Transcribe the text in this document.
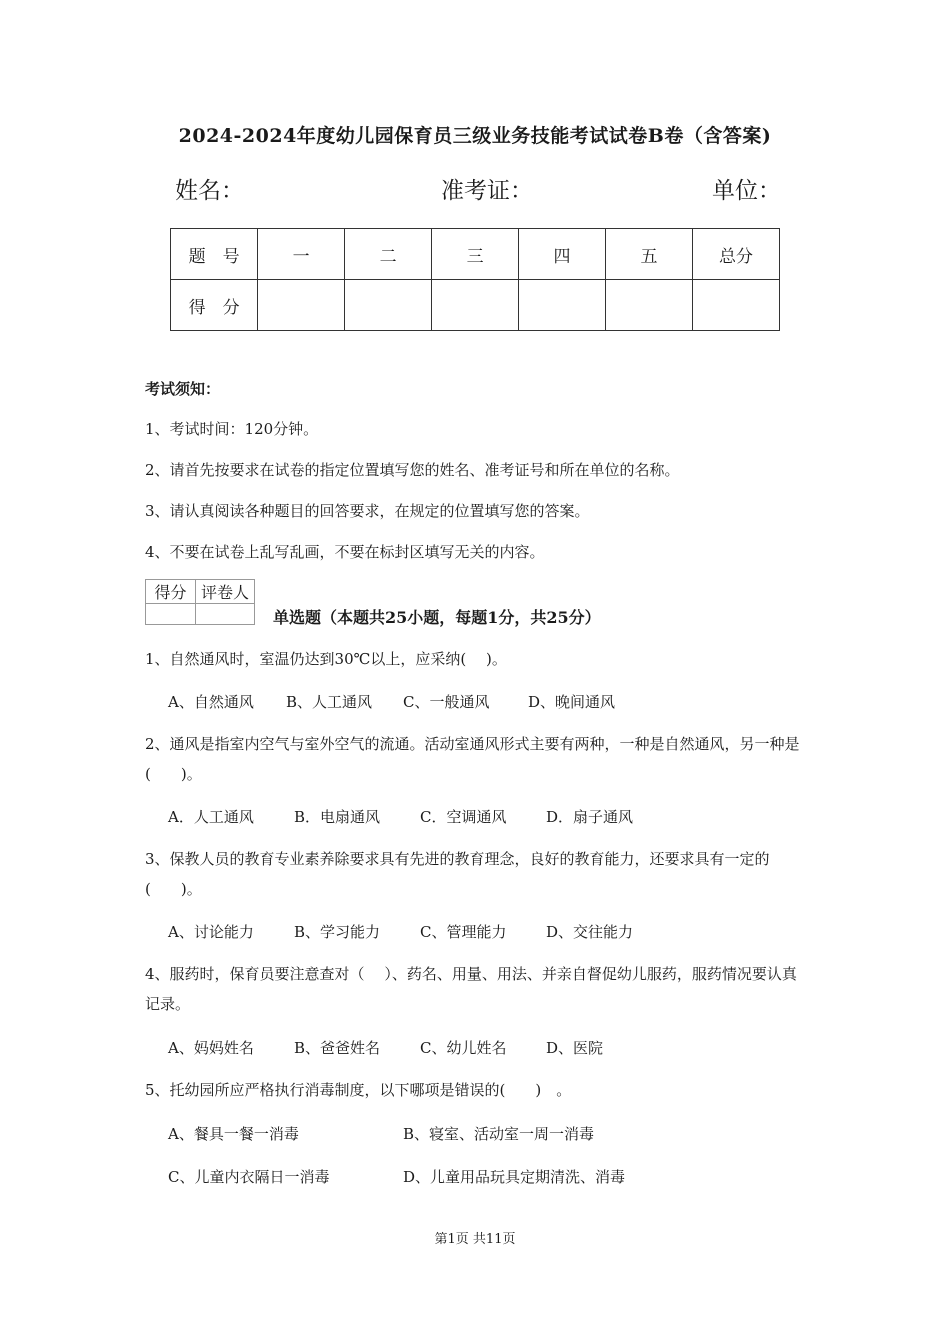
2024-2024年度幼儿园保育员三级业务技能考试试卷B卷（含答案)
姓名：	准考证：	单位：
题　号	一	二	三	四	五	总分
得　分						
考试须知：
1、考试时间：120分钟。
2、请首先按要求在试卷的指定位置填写您的姓名、准考证号和所在单位的名称。
3、请认真阅读各种题目的回答要求，在规定的位置填写您的答案。
4、不要在试卷上乱写乱画，不要在标封区填写无关的内容。
得分	评卷人

单选题（本题共25小题，每题1分，共25分）
1、自然通风时，室温仍达到30℃以上，应采纳(　 )。
A、自然通风 B、人工通风 C、一般通风	D、晚间通风
2、通风是指室内空气与室外空气的流通。活动室通风形式主要有两种，一种是自然通风，另一种是(　　)。
A．人工通风	B．电扇通风	C．空调通风	D．扇子通风
3、保教人员的教育专业素养除要求具有先进的教育理念，良好的教育能力，还要求具有一定的(　　)。
A、讨论能力	B、学习能力	C、管理能力	D、交往能力
4、服药时，保育员要注意查对（　 ）、药名、用量、用法、并亲自督促幼儿服药，服药情况要认真记录。
A、妈妈姓名	B、爸爸姓名	C、幼儿姓名	D、医院
5、托幼园所应严格执行消毒制度，以下哪项是错误的(　　)　。
A、餐具一餐一消毒	B、寝室、活动室一周一消毒
C、儿童内衣隔日一消毒	D、儿童用品玩具定期清洗、消毒
第1页 共11页
